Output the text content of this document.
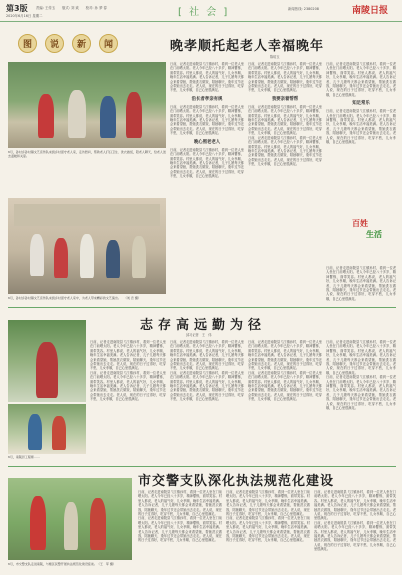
第3版 责编: 王传玉　　版式: 刘 欢　　校对: 孙 梦 春
2020年6月16日 星期二	[ 社 会 ]	新闻热线: 2380208	南陵日报
图	说	新	闻
6月，孙村乡孙村镇文艺宣传队来到乡村留守老人家，走访慰问，帮助老人打扫卫生、洗衣做饭，陪老人聊天，给老人送去温暖和关爱。
6月，孙村乡孙村镇文艺宣传队来到乡村留守老人家中，为老人带来精彩的文艺演出。　　（刘 忠 摄）
晚孝顺托起老人幸福晚年
陈绍玉
日前，记者走进南陵县弋江镇孙村，看到一位老人坐在门前晒太阳。老人今年已经八十多岁，精神矍铄，面带笑容。村里人都说，老人的福气好，儿女孝顺，晚年生活幸福美满。老人告诉记者，儿子儿媳每天都会来看望她，帮她洗衣做饭，陪她聊天，逢年过节还会带她出去走走。老人说，现在的日子过得好，吃穿不愁，儿女孝顺，自己心里很满足。
沿长者孝亲有规
日前，记者走进南陵县弋江镇孙村，看到一位老人坐在门前晒太阳。老人今年已经八十多岁，精神矍铄，面带笑容。村里人都说，老人的福气好，儿女孝顺，晚年生活幸福美满。老人告诉记者，儿子儿媳每天都会来看望她，帮她洗衣做饭，陪她聊天，逢年过节还会带她出去走走。老人说，现在的日子过得好，吃穿不愁，儿女孝顺，自己心里很满足。
晚心照老老人
日前，记者走进南陵县弋江镇孙村，看到一位老人坐在门前晒太阳。老人今年已经八十多岁，精神矍铄，面带笑容。村里人都说，老人的福气好，儿女孝顺，晚年生活幸福美满。老人告诉记者，儿子儿媳每天都会来看望她，帮她洗衣做饭，陪她聊天，逢年过节还会带她出去走走。老人说，现在的日子过得好，吃穿不愁，儿女孝顺，自己心里很满足。
日前，记者走进南陵县弋江镇孙村，看到一位老人坐在门前晒太阳。老人今年已经八十多岁，精神矍铄，面带笑容。村里人都说，老人的福气好，儿女孝顺，晚年生活幸福美满。老人告诉记者，儿子儿媳每天都会来看望她，帮她洗衣做饭，陪她聊天，逢年过节还会带她出去走走。老人说，现在的日子过得好，吃穿不愁，儿女孝顺，自己心里很满足。
我要亲着帮帮
日前，记者走进南陵县弋江镇孙村，看到一位老人坐在门前晒太阳。老人今年已经八十多岁，精神矍铄，面带笑容。村里人都说，老人的福气好，儿女孝顺，晚年生活幸福美满。老人告诉记者，儿子儿媳每天都会来看望她，帮她洗衣做饭，陪她聊天，逢年过节还会带她出去走走。老人说，现在的日子过得好，吃穿不愁，儿女孝顺，自己心里很满足。
日前，记者走进南陵县弋江镇孙村，看到一位老人坐在门前晒太阳。老人今年已经八十多岁，精神矍铄，面带笑容。村里人都说，老人的福气好，儿女孝顺，晚年生活幸福美满。老人告诉记者，儿子儿媳每天都会来看望她，帮她洗衣做饭，陪她聊天，逢年过节还会带她出去走走。老人说，现在的日子过得好，吃穿不愁，儿女孝顺，自己心里很满足。
日前，记者走进南陵县弋江镇孙村，看到一位老人坐在门前晒太阳。老人今年已经八十多岁，精神矍铄，面带笑容。村里人都说，老人的福气好，儿女孝顺，晚年生活幸福美满。老人告诉记者，儿子儿媳每天都会来看望她，帮她洗衣做饭，陪她聊天，逢年过节还会带她出去走走。老人说，现在的日子过得好，吃穿不愁，儿女孝顺，自己心里很满足。
知足常乐
日前，记者走进南陵县弋江镇孙村，看到一位老人坐在门前晒太阳。老人今年已经八十多岁，精神矍铄，面带笑容。村里人都说，老人的福气好，儿女孝顺，晚年生活幸福美满。老人告诉记者，儿子儿媳每天都会来看望她，帮她洗衣做饭，陪她聊天，逢年过节还会带她出去走走。老人说，现在的日子过得好，吃穿不愁，儿女孝顺，自己心里很满足。
百姓
生活
日前，记者走进南陵县弋江镇孙村，看到一位老人坐在门前晒太阳。老人今年已经八十多岁，精神矍铄，面带笑容。村里人都说，老人的福气好，儿女孝顺，晚年生活幸福美满。老人告诉记者，儿子儿媳每天都会来看望她，帮她洗衣做饭，陪她聊天，逢年过节还会带她出去走走。老人说，现在的日子过得好，吃穿不愁，儿女孝顺，自己心里很满足。
志存高远勤为径
邱习记者　王　伟
6月，南陵县工程师……
日前，记者走进南陵县弋江镇孙村，看到一位老人坐在门前晒太阳。老人今年已经八十多岁，精神矍铄，面带笑容。村里人都说，老人的福气好，儿女孝顺，晚年生活幸福美满。老人告诉记者，儿子儿媳每天都会来看望她，帮她洗衣做饭，陪她聊天，逢年过节还会带她出去走走。老人说，现在的日子过得好，吃穿不愁，儿女孝顺，自己心里很满足。
日前，记者走进南陵县弋江镇孙村，看到一位老人坐在门前晒太阳。老人今年已经八十多岁，精神矍铄，面带笑容。村里人都说，老人的福气好，儿女孝顺，晚年生活幸福美满。老人告诉记者，儿子儿媳每天都会来看望她，帮她洗衣做饭，陪她聊天，逢年过节还会带她出去走走。老人说，现在的日子过得好，吃穿不愁，儿女孝顺，自己心里很满足。
日前，记者走进南陵县弋江镇孙村，看到一位老人坐在门前晒太阳。老人今年已经八十多岁，精神矍铄，面带笑容。村里人都说，老人的福气好，儿女孝顺，晚年生活幸福美满。老人告诉记者，儿子儿媳每天都会来看望她，帮她洗衣做饭，陪她聊天，逢年过节还会带她出去走走。老人说，现在的日子过得好，吃穿不愁，儿女孝顺，自己心里很满足。
日前，记者走进南陵县弋江镇孙村，看到一位老人坐在门前晒太阳。老人今年已经八十多岁，精神矍铄，面带笑容。村里人都说，老人的福气好，儿女孝顺，晚年生活幸福美满。老人告诉记者，儿子儿媳每天都会来看望她，帮她洗衣做饭，陪她聊天，逢年过节还会带她出去走走。老人说，现在的日子过得好，吃穿不愁，儿女孝顺，自己心里很满足。
日前，记者走进南陵县弋江镇孙村，看到一位老人坐在门前晒太阳。老人今年已经八十多岁，精神矍铄，面带笑容。村里人都说，老人的福气好，儿女孝顺，晚年生活幸福美满。老人告诉记者，儿子儿媳每天都会来看望她，帮她洗衣做饭，陪她聊天，逢年过节还会带她出去走走。老人说，现在的日子过得好，吃穿不愁，儿女孝顺，自己心里很满足。
日前，记者走进南陵县弋江镇孙村，看到一位老人坐在门前晒太阳。老人今年已经八十多岁，精神矍铄，面带笑容。村里人都说，老人的福气好，儿女孝顺，晚年生活幸福美满。老人告诉记者，儿子儿媳每天都会来看望她，帮她洗衣做饭，陪她聊天，逢年过节还会带她出去走走。老人说，现在的日子过得好，吃穿不愁，儿女孝顺，自己心里很满足。
日前，记者走进南陵县弋江镇孙村，看到一位老人坐在门前晒太阳。老人今年已经八十多岁，精神矍铄，面带笑容。村里人都说，老人的福气好，儿女孝顺，晚年生活幸福美满。老人告诉记者，儿子儿媳每天都会来看望她，帮她洗衣做饭，陪她聊天，逢年过节还会带她出去走走。老人说，现在的日子过得好，吃穿不愁，儿女孝顺，自己心里很满足。
日前，记者走进南陵县弋江镇孙村，看到一位老人坐在门前晒太阳。老人今年已经八十多岁，精神矍铄，面带笑容。村里人都说，老人的福气好，儿女孝顺，晚年生活幸福美满。老人告诉记者，儿子儿媳每天都会来看望她，帮她洗衣做饭，陪她聊天，逢年过节还会带她出去走走。老人说，现在的日子过得好，吃穿不愁，儿女孝顺，自己心里很满足。
市交警支队深化执法规范化建设
6月，市交警支队走进南陵，与辖区民警开展执法规范化建设座谈。　（王　军 摄）
日前，记者走进南陵县弋江镇孙村，看到一位老人坐在门前晒太阳。老人今年已经八十多岁，精神矍铄，面带笑容。村里人都说，老人的福气好，儿女孝顺，晚年生活幸福美满。老人告诉记者，儿子儿媳每天都会来看望她，帮她洗衣做饭，陪她聊天，逢年过节还会带她出去走走。老人说，现在的日子过得好，吃穿不愁，儿女孝顺，自己心里很满足。
日前，记者走进南陵县弋江镇孙村，看到一位老人坐在门前晒太阳。老人今年已经八十多岁，精神矍铄，面带笑容。村里人都说，老人的福气好，儿女孝顺，晚年生活幸福美满。老人告诉记者，儿子儿媳每天都会来看望她，帮她洗衣做饭，陪她聊天，逢年过节还会带她出去走走。老人说，现在的日子过得好，吃穿不愁，儿女孝顺，自己心里很满足。
日前，记者走进南陵县弋江镇孙村，看到一位老人坐在门前晒太阳。老人今年已经八十多岁，精神矍铄，面带笑容。村里人都说，老人的福气好，儿女孝顺，晚年生活幸福美满。老人告诉记者，儿子儿媳每天都会来看望她，帮她洗衣做饭，陪她聊天，逢年过节还会带她出去走走。老人说，现在的日子过得好，吃穿不愁，儿女孝顺，自己心里很满足。
日前，记者走进南陵县弋江镇孙村，看到一位老人坐在门前晒太阳。老人今年已经八十多岁，精神矍铄，面带笑容。村里人都说，老人的福气好，儿女孝顺，晚年生活幸福美满。老人告诉记者，儿子儿媳每天都会来看望她，帮她洗衣做饭，陪她聊天，逢年过节还会带她出去走走。老人说，现在的日子过得好，吃穿不愁，儿女孝顺，自己心里很满足。
日前，记者走进南陵县弋江镇孙村，看到一位老人坐在门前晒太阳。老人今年已经八十多岁，精神矍铄，面带笑容。村里人都说，老人的福气好，儿女孝顺，晚年生活幸福美满。老人告诉记者，儿子儿媳每天都会来看望她，帮她洗衣做饭，陪她聊天，逢年过节还会带她出去走走。老人说，现在的日子过得好，吃穿不愁，儿女孝顺，自己心里很满足。
日前，记者走进南陵县弋江镇孙村，看到一位老人坐在门前晒太阳。老人今年已经八十多岁，精神矍铄，面带笑容。村里人都说，老人的福气好，儿女孝顺，晚年生活幸福美满。老人告诉记者，儿子儿媳每天都会来看望她，帮她洗衣做饭，陪她聊天，逢年过节还会带她出去走走。老人说，现在的日子过得好，吃穿不愁，儿女孝顺，自己心里很满足。
